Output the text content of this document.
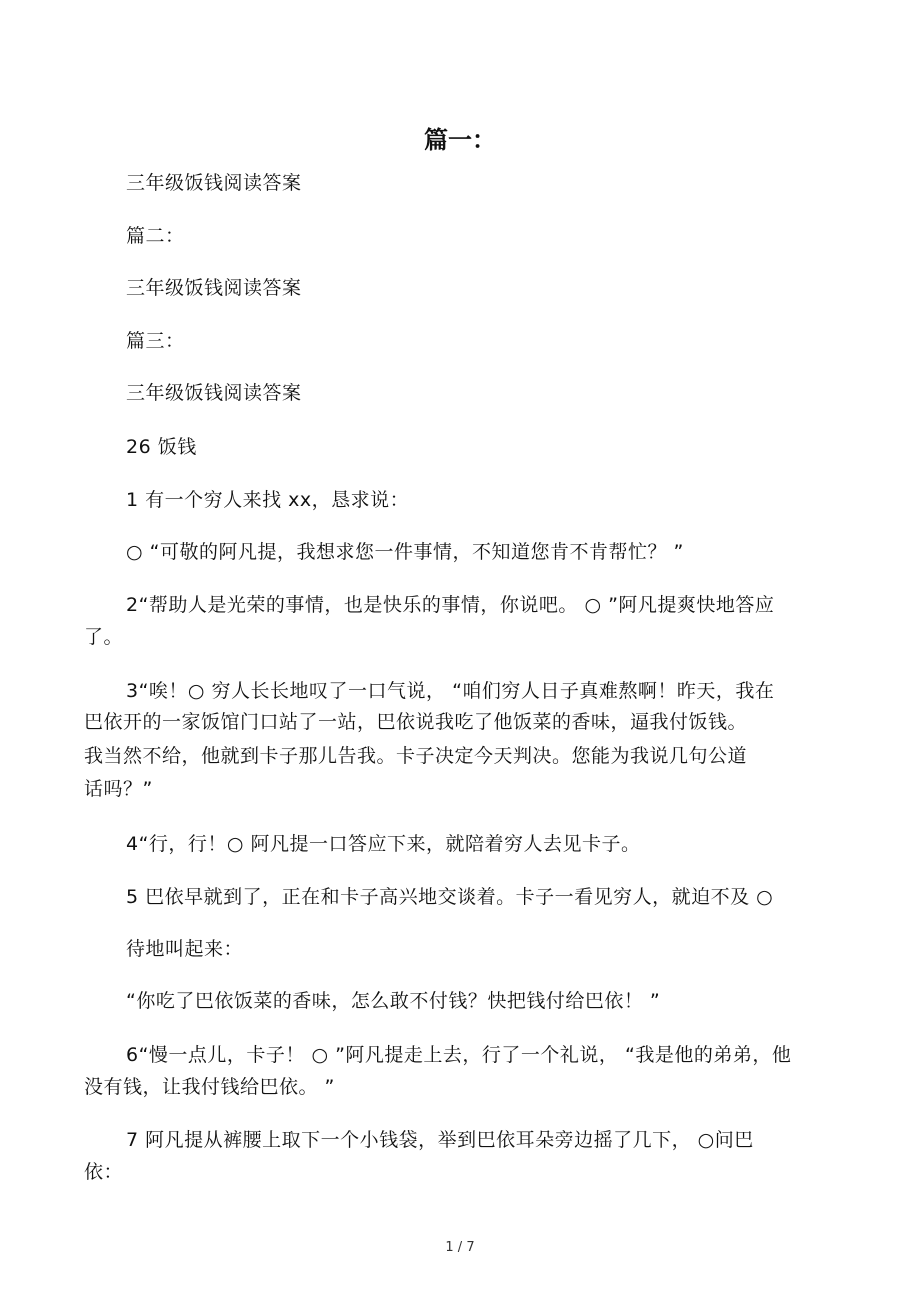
篇一：
三年级饭钱阅读答案
篇二：
三年级饭钱阅读答案
篇三：
三年级饭钱阅读答案
26 饭钱
1 有一个穷人来找 xx，恳求说：
○ “可敬的阿凡提，我想求您一件事情，不知道您肯不肯帮忙？ ”
2“帮助人是光荣的事情，也是快乐的事情，你说吧。 ○ ”阿凡提爽快地答应
了。
3“唉！○ 穷人长长地叹了一口气说， “咱们穷人日子真难熬啊！昨天，我在
巴依开的一家饭馆门口站了一站，巴依说我吃了他饭菜的香味，逼我付饭钱。
我当然不给，他就到卡子那儿告我。卡子决定今天判决。您能为我说几句公道
话吗？”
4“行，行！○ 阿凡提一口答应下来，就陪着穷人去见卡子。
5 巴依早就到了，正在和卡子高兴地交谈着。卡子一看见穷人，就迫不及 ○
待地叫起来：
“你吃了巴依饭菜的香味，怎么敢不付钱？快把钱付给巴依！ ”
6“慢一点儿，卡子！ ○ ”阿凡提走上去，行了一个礼说， “我是他的弟弟，他
没有钱，让我付钱给巴依。 ”
7 阿凡提从裤腰上取下一个小钱袋，举到巴依耳朵旁边摇了几下， ○问巴
依：
1 / 7
